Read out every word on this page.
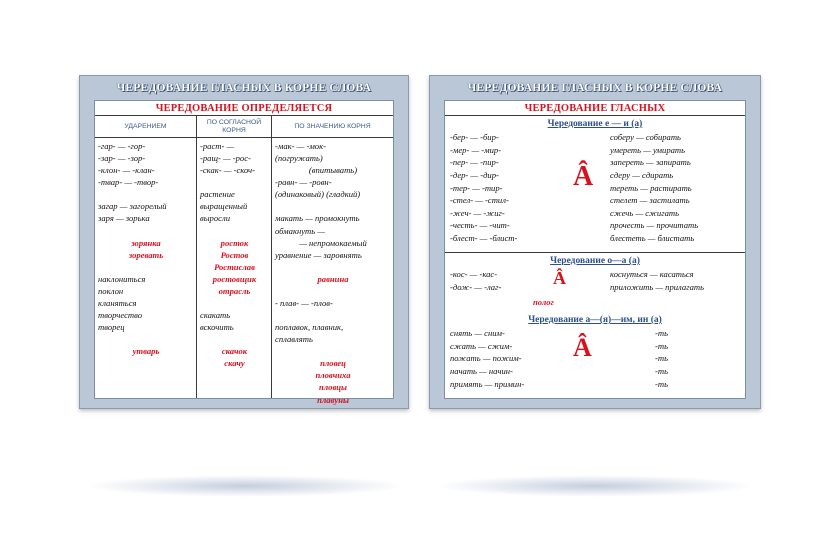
ЧЕРЕДОВАНИЕ ГЛАСНЫХ В КОРНЕ СЛОВА
ЧЕРЕДОВАНИЕ ОПРЕДЕЛЯЕТСЯ
УДАРЕНИЕМ
-гар- — -гор-
-зар- — -зор-
-клон- — -клан-
-твар- — -твор-
загар — загорелый
заря — зорька
зорянка
зоревать
наклониться
поклон
кланяться
творчество
творец
утварь
ПО СОГЛАСНОЙ КОРНЯ
-раст- —
-ращ- — -рос-
-скак- — -скоч-
растение
выращенный
выросли
росток
Ростов
Ростислав
ростовщик
отрасль
скакать
вскочить
скачок
скачу
ПО ЗНАЧЕНИЮ КОРНЯ
-мак- — -мок-
(погружать)
(впитывать)
-равн- — -ровн-
(одинаковый) (гладкий)
макать — промокнуть
обмакнуть —
— непромокаемый
уравнение — заровнять
равнина
- плав- — -плов-
поплавок, плавник,
сплавлять
пловец
пловчиха
пловцы
плавуны
ЧЕРЕДОВАНИЕ ГЛАСНЫХ В КОРНЕ СЛОВА
ЧЕРЕДОВАНИЕ ГЛАСНЫХ
Чередование е — и (а)
Â
-бер- — -бир-	соберу — собирать
-мер- — -мир-	умереть — умирать
-пер- — -пир-	запереть — запирать
-дер- — -дир-	сдеру — сдирать
-тер- — -тир-	тереть — растирать
-стел- — -стил-	стелет — застилать
-жеч- — -жиг-	сжечь — сжигать
-честь- — -чит-	прочесть — прочитать
-блест- — -блист-	блестеть — блистать
Чередование о—а (а)
Â
-кос- — -кас-	коснуться — касаться
-дож- — -лаг-	приложить — прилагать
полог
Чередование а—(я)—им, ин (а)
Â
снять — сним-	-ть
сжать — сжим-	-ть
пожать — пожим-	-ть
начать — начин-	-ть
примять — примин-	-ть
